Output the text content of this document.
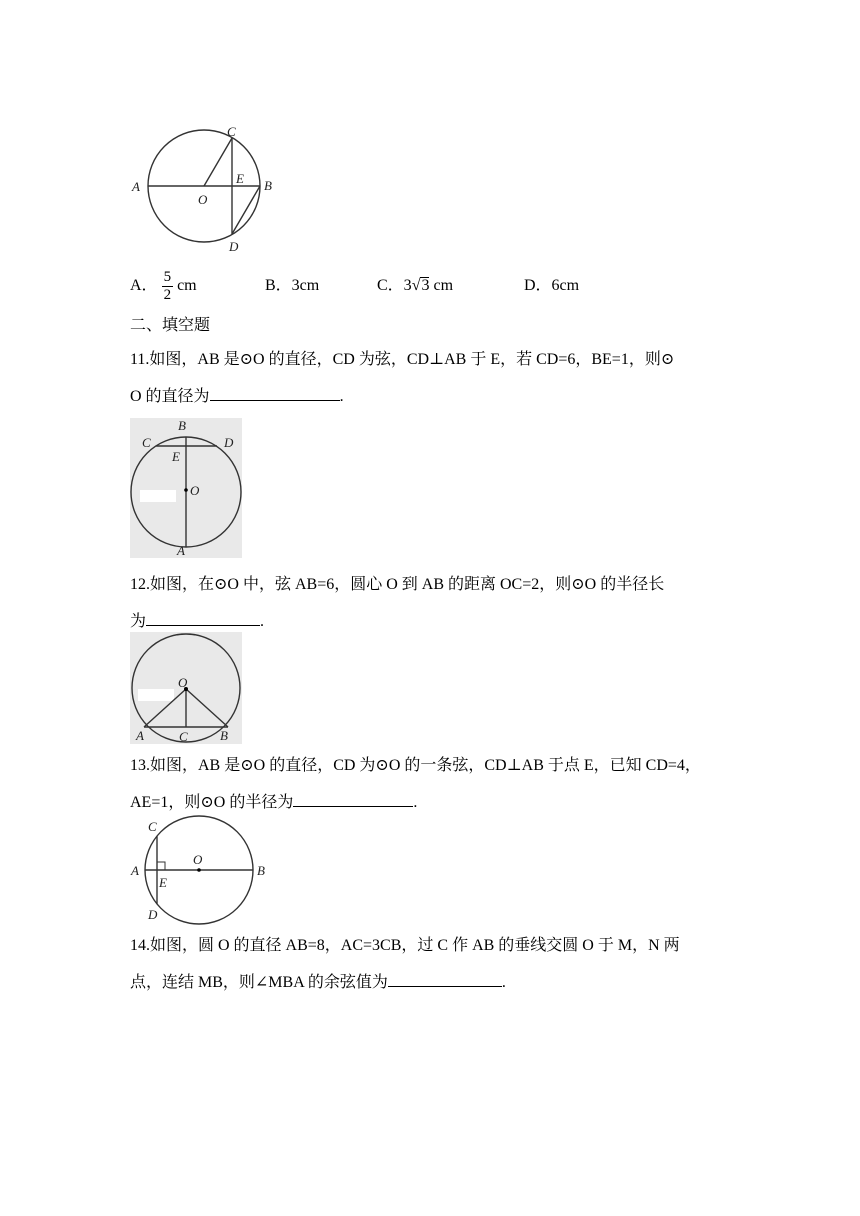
C
E
A
O
B
D
A． $\frac{5}{2}$ cm	B．3cm	C．3√3 cm	D．6cm
二、填空题
11.如图，AB 是⊙O 的直径，CD 为弦，CD⊥AB 于 E，若 CD=6，BE=1，则⊙
O 的直径为	.
B
C	D
E
O
A
12.如图，在⊙O 中，弦 AB=6，圆心 O 到 AB 的距离 OC=2，则⊙O 的半径长
为	.
O
A	C B
13.如图，AB 是⊙O 的直径，CD 为⊙O 的一条弦，CD⊥AB 于点 E，已知 CD=4，
AE=1，则⊙O 的半径为	.
C
O
A
E
B
D
14.如图，圆 O 的直径 AB=8，AC=3CB，过 C 作 AB 的垂线交圆 O 于 M，N 两
点，连结 MB，则∠MBA 的余弦值为	.
